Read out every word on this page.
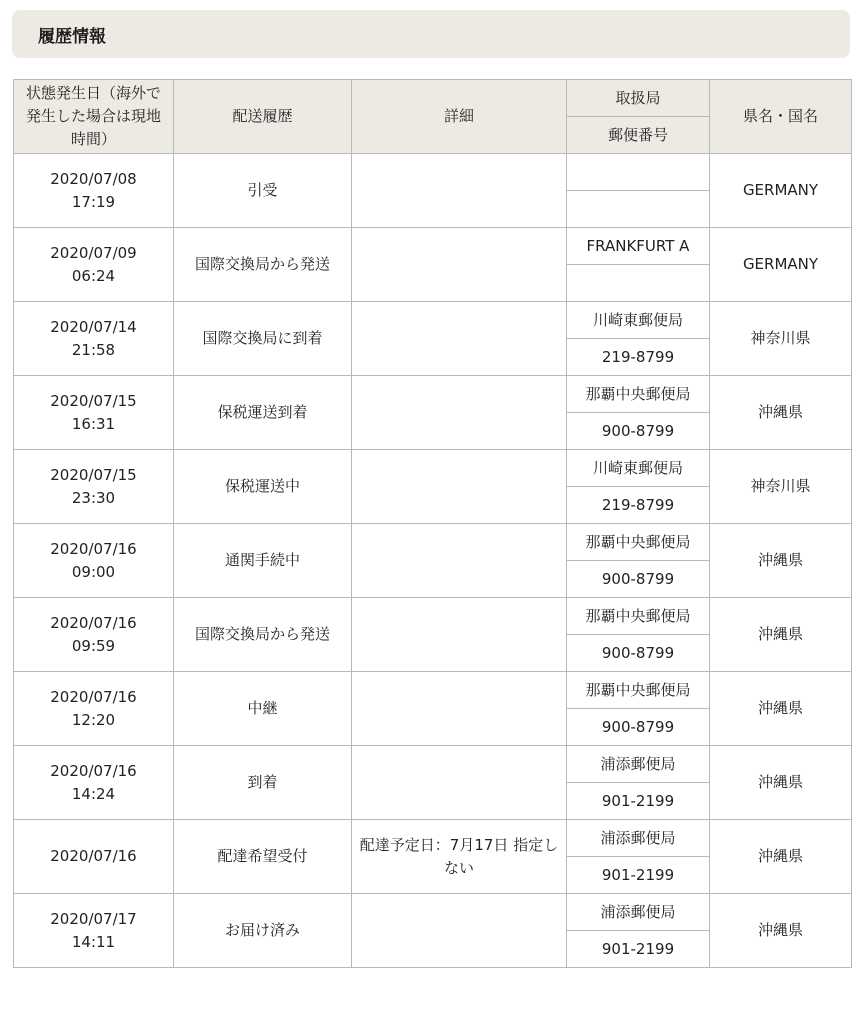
履歴情報
状態発生日（海外で発生した場合は現地時間）	配送履歴	詳細	取扱局	県名・国名
			郵便番号	
2020/07/08
17:19	引受			GERMANY

2020/07/09
06:24	国際交換局から発送		FRANKFURT A	GERMANY

2020/07/14
21:58	国際交換局に到着		川崎東郵便局	神奈川県
			219-8799	
2020/07/15
16:31	保税運送到着		那覇中央郵便局	沖縄県
			900-8799	
2020/07/15
23:30	保税運送中		川崎東郵便局	神奈川県
			219-8799	
2020/07/16
09:00	通関手続中		那覇中央郵便局	沖縄県
			900-8799	
2020/07/16
09:59	国際交換局から発送		那覇中央郵便局	沖縄県
			900-8799	
2020/07/16
12:20	中継		那覇中央郵便局	沖縄県
			900-8799	
2020/07/16
14:24	到着		浦添郵便局	沖縄県
			901-2199	
2020/07/16	配達希望受付	配達予定日：7月17日 指定しない	浦添郵便局	沖縄県
			901-2199	
2020/07/17
14:11	お届け済み		浦添郵便局	沖縄県
			901-2199	
